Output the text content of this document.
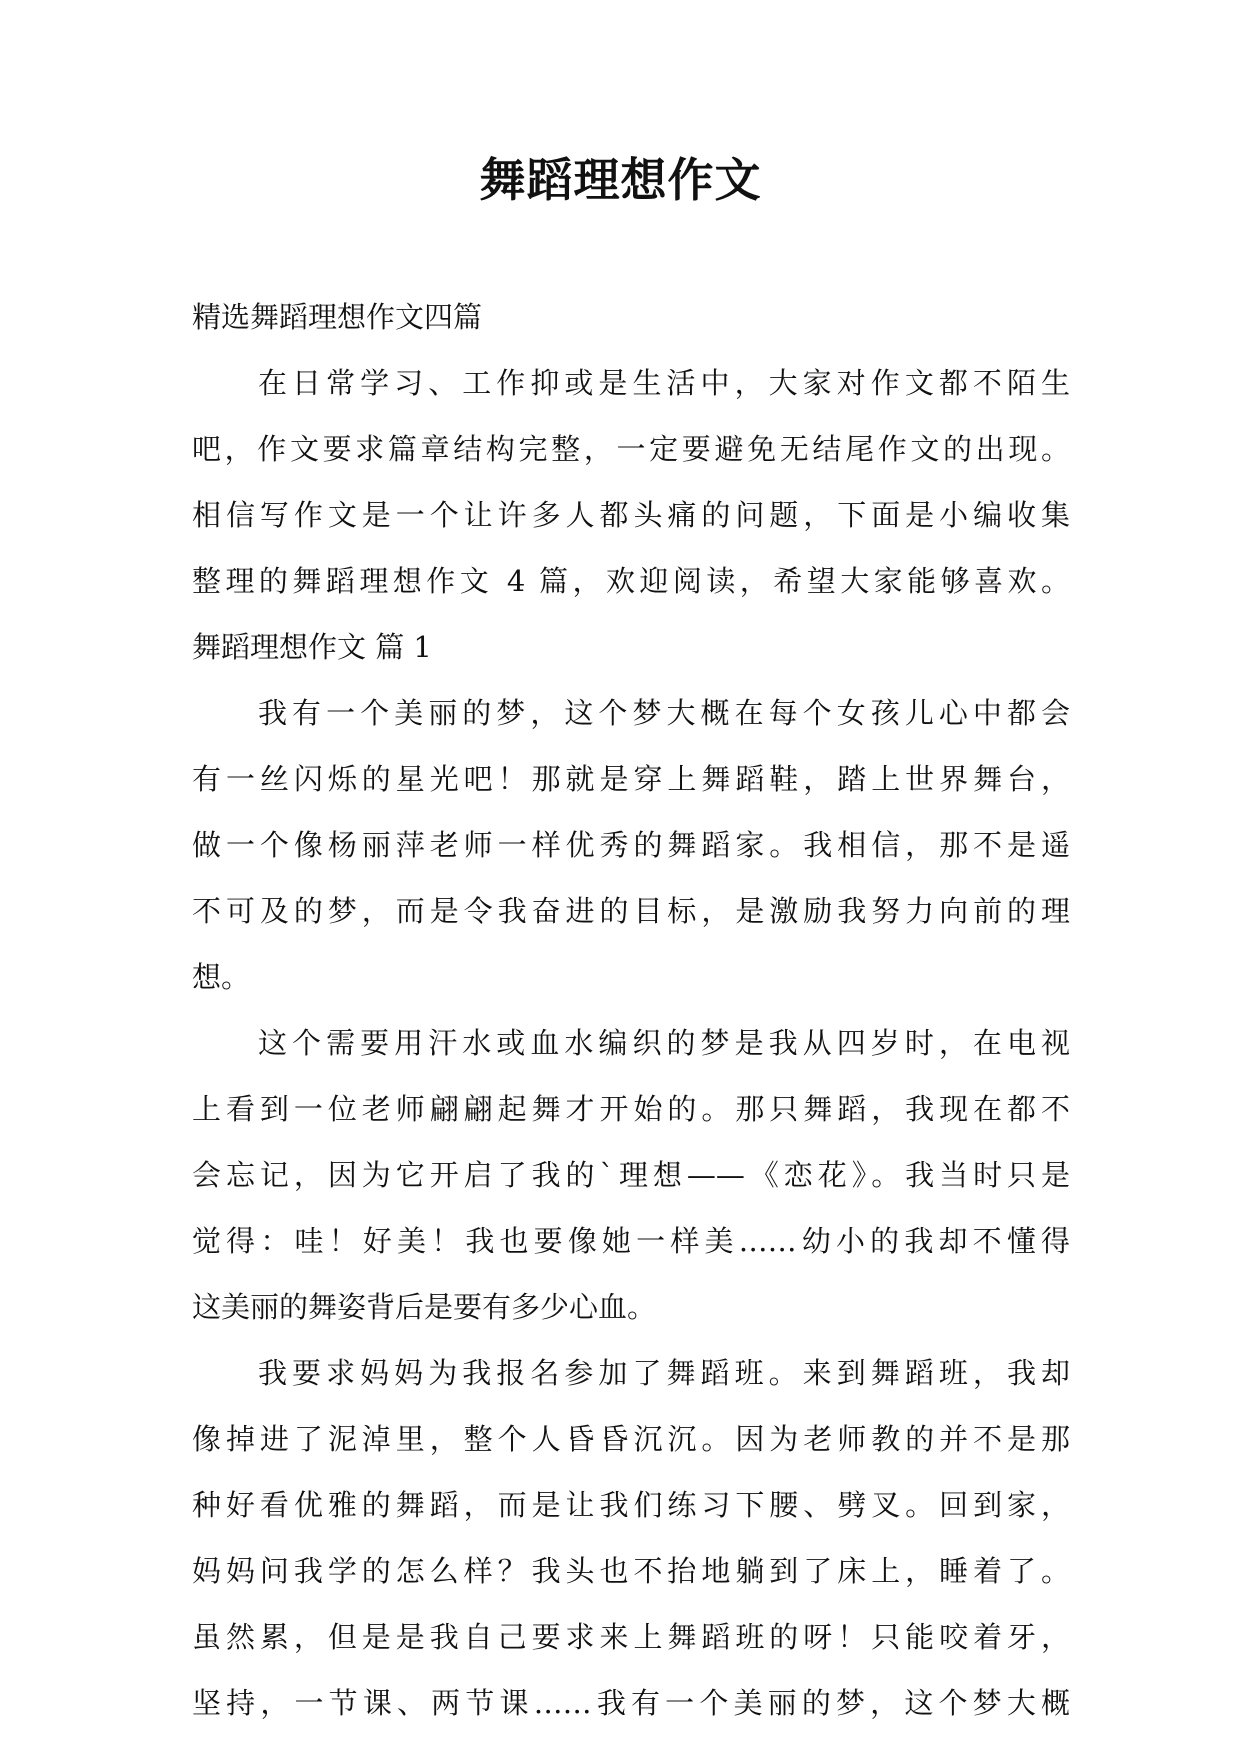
舞蹈理想作文
精选舞蹈理想作文四篇
在日常学习、工作抑或是生活中，大家对作文都不陌生
吧，作文要求篇章结构完整，一定要避免无结尾作文的出现。
相信写作文是一个让许多人都头痛的问题，下面是小编收集
整理的舞蹈理想作文 4 篇，欢迎阅读，希望大家能够喜欢。
舞蹈理想作文 篇 1
我有一个美丽的梦，这个梦大概在每个女孩儿心中都会
有一丝闪烁的星光吧！那就是穿上舞蹈鞋，踏上世界舞台，
做一个像杨丽萍老师一样优秀的舞蹈家。我相信，那不是遥
不可及的梦，而是令我奋进的目标，是激励我努力向前的理
想。
这个需要用汗水或血水编织的梦是我从四岁时，在电视
上看到一位老师翩翩起舞才开始的。那只舞蹈，我现在都不
会忘记，因为它开启了我的`理想——《恋花》。我当时只是
觉得：哇！好美！我也要像她一样美……幼小的我却不懂得
这美丽的舞姿背后是要有多少心血。
我要求妈妈为我报名参加了舞蹈班。来到舞蹈班，我却
像掉进了泥淖里，整个人昏昏沉沉。因为老师教的并不是那
种好看优雅的舞蹈，而是让我们练习下腰、劈叉。回到家，
妈妈问我学的怎么样？我头也不抬地躺到了床上，睡着了。
虽然累，但是是我自己要求来上舞蹈班的呀！只能咬着牙，
坚持，一节课、两节课……我有一个美丽的梦，这个梦大概
